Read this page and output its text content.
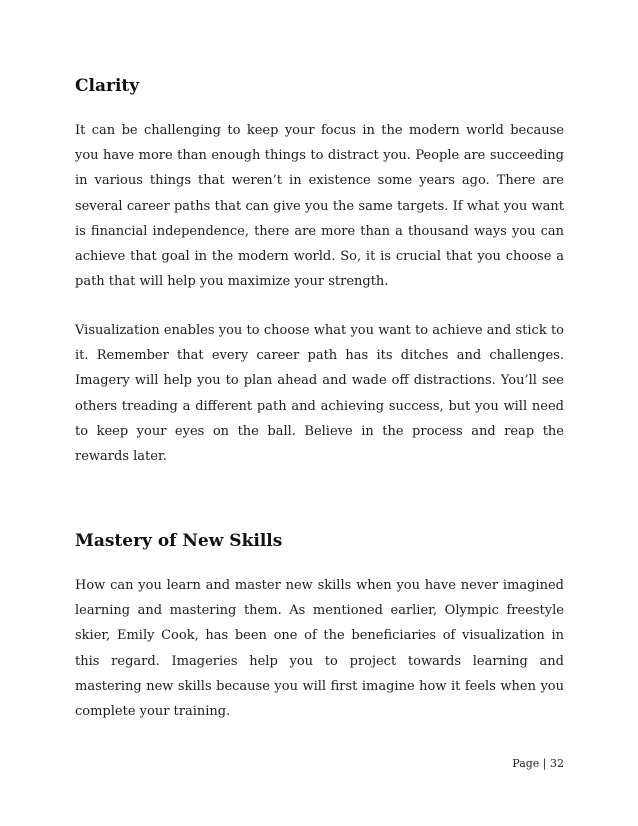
Clarity

It can be challenging to keep your focus in the modern world because you have more than enough things to distract you. People are succeeding in various things that weren’t in existence some years ago. There are several career paths that can give you the same targets. If what you want is financial independence, there are more than a thousand ways you can achieve that goal in the modern world. So, it is crucial that you choose a path that will help you maximize your strength.

Visualization enables you to choose what you want to achieve and stick to it. Remember that every career path has its ditches and challenges. Imagery will help you to plan ahead and wade off distractions. You’ll see others treading a different path and achieving success, but you will need to keep your eyes on the ball. Believe in the process and reap the rewards later.

Mastery of New Skills

How can you learn and master new skills when you have never imagined learning and mastering them. As mentioned earlier, Olympic freestyle skier, Emily Cook, has been one of the beneficiaries of visualization in this regard. Imageries help you to project towards learning and mastering new skills because you will first imagine how it feels when you complete your training.

Page | 32
